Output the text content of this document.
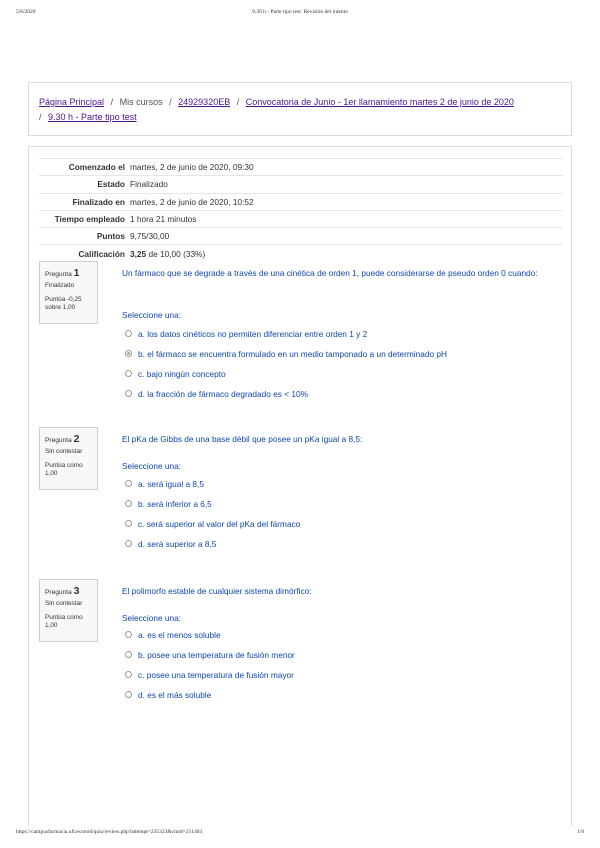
5/6/2020	9.30 h - Parte tipo test: Revisión del intento
Página Principal / Mis cursos / 24929320EB / Convocatoria de Junio - 1er llamamiento martes 2 de junio de 2020
/ 9.30 h - Parte tipo test
Comenzado el	martes, 2 de junio de 2020, 09:30
Estado	Finalizado
Finalizado en	martes, 2 de junio de 2020, 10:52
Tiempo empleado	1 hora 21 minutos
Puntos	9,75/30,00
Calificación	3,25 de 10,00 (33%)
Pregunta 1
Finalizado
Puntúa -0,25
sobre 1,00
Un fármaco que se degrade a través de una cinética de orden 1, puede considerarse de pseudo orden 0 cuando:
Seleccione una:
a. los datos cinéticos no permiten diferenciar entre orden 1 y 2
b. el fármaco se encuentra formulado en un medio tamponado a un determinado pH
c. bajo ningún concepto
d. la fracción de fármaco degradado es < 10%
Pregunta 2
Sin contestar
Puntúa como
1,00
El pKa de Gibbs de una base débil que posee un pKa igual a 8,5:
Seleccione una:
a. será igual a 8,5
b. será inferior a 6,5
c. será superior al valor del pKa del fármaco
d. será superior a 8,5
Pregunta 3
Sin contestar
Puntúa como
1,00
El polimorfo estable de cualquier sistema dimórfico:
Seleccione una:
a. es el menos soluble
b. posee una temperatura de fusión menor
c. posee una temperatura de fusión mayor
d. es el más soluble
https://campusfarmacia.ufl.es/mod/quiz/review.php?attempt=235323&cmid=251403	1/8
